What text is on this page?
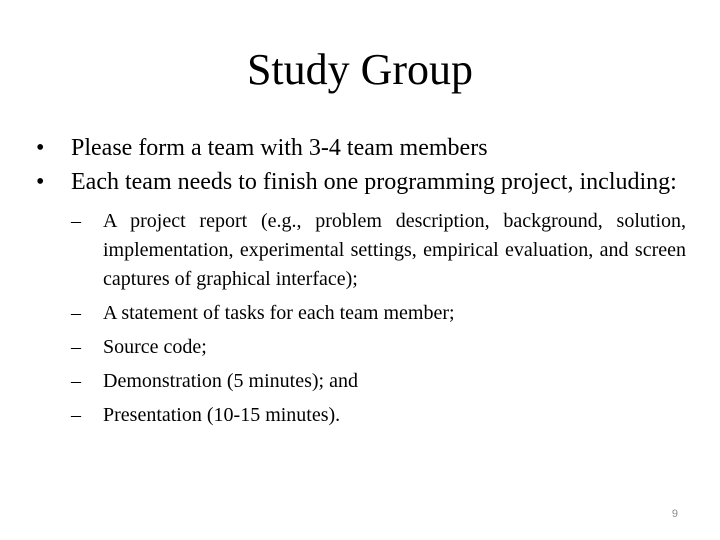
Study Group
• Please form a team with 3-4 team members
• Each team needs to finish one programming project, including:
– A project report (e.g., problem description, background, solution, implementation, experimental settings, empirical evaluation, and screen captures of graphical interface);
– A statement of tasks for each team member;
– Source code;
– Demonstration (5 minutes); and
– Presentation (10-15 minutes).
9
